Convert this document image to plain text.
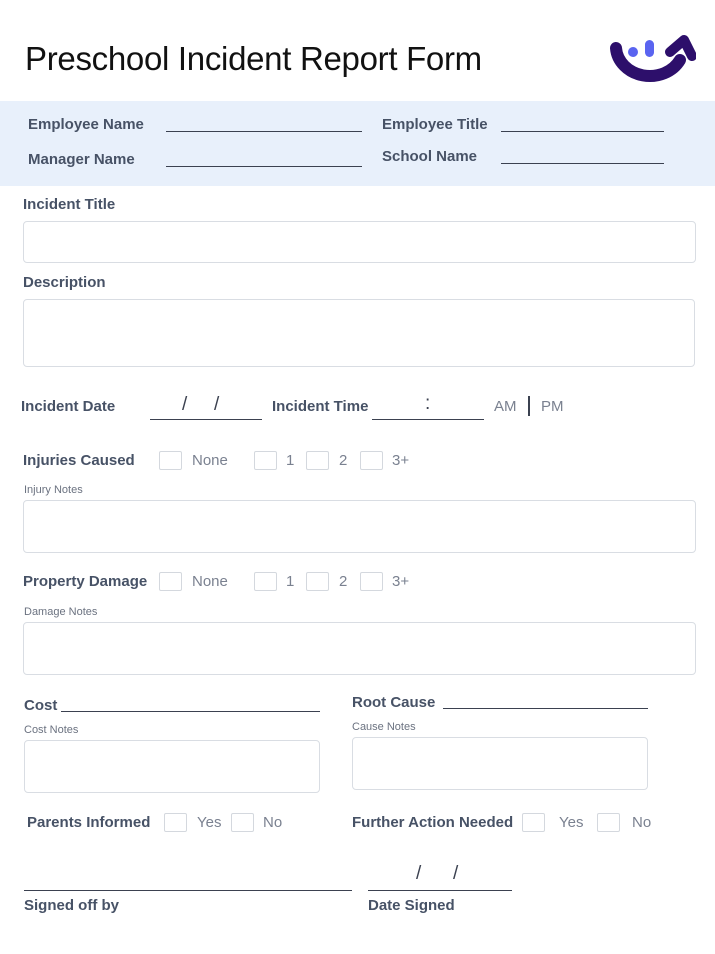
Preschool Incident Report Form
Employee Name	Employee Title
Manager Name	School Name
Incident Title
Description
Incident Date	/ /	Incident Time	:	AM PM
Injuries Caused	None	1	2	3+
Injury Notes
Property Damage	None	1	2	3+
Damage Notes
Cost
Cost Notes
Root Cause
Cause Notes
Parents Informed	Yes	No	Further Action Needed	Yes	No
Signed off by
/ /
Date Signed
